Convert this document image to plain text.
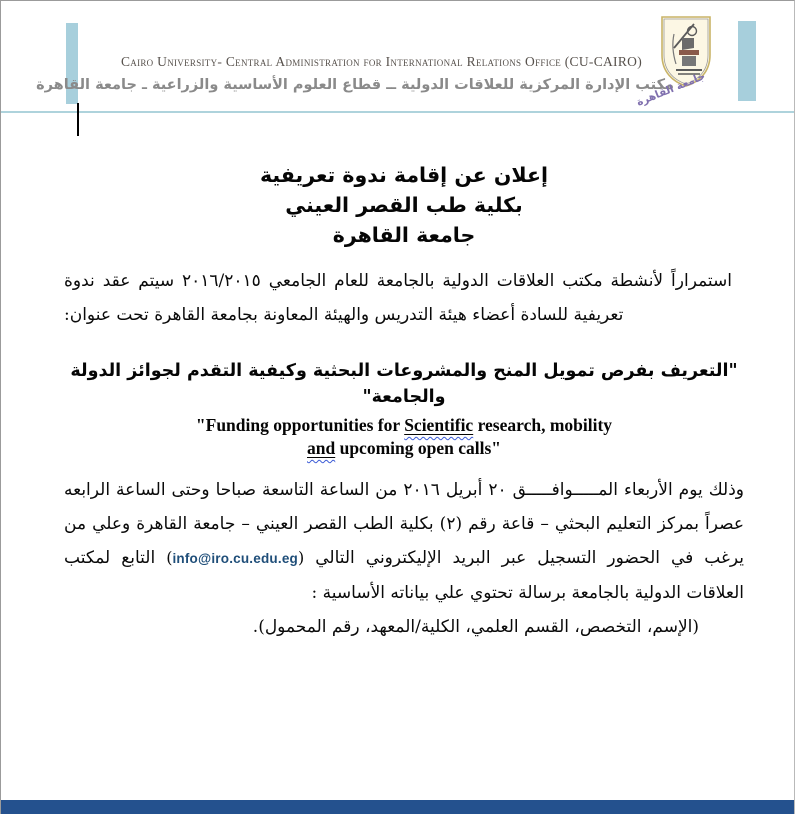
Cairo University- Central Administration for International Relations Office (CU-CAIRO)
مكتب الإدارة المركزية للعلاقات الدولية ــ قطاع العلوم الأساسية والزراعية ـ جامعة القاهرة
جامعة القاهرة
إعلان عن إقامة ندوة تعريفية
بكلية طب القصر العيني
جامعة القاهرة

استمراراً لأنشطة مكتب العلاقات الدولية بالجامعة للعام الجامعي ٢٠١٦/٢٠١٥ سيتم عقد ندوة تعريفية للسادة أعضاء هيئة التدريس والهيئة المعاونة بجامعة القاهرة تحت عنوان:

"التعريف بفرص تمويل المنح والمشروعات البحثية وكيفية التقدم لجوائز الدولة والجامعة"
"Funding opportunities for Scientific research, mobility
and upcoming open calls"

وذلك يوم الأربعاء المـــــوافـــــق ٢٠ أبريل ٢٠١٦ من الساعة التاسعة صباحا وحتى الساعة الرابعه عصراً بمركز التعليم البحثي – قاعة رقم (٢) بكلية الطب القصر العيني – جامعة القاهرة وعلي من يرغب في الحضور التسجيل عبر البريد الإليكتروني التالي (info@iro.cu.edu.eg) التابع لمكتب العلاقات الدولية بالجامعة برسالة تحتوي علي بياناته الأساسية :

(الإسم، التخصص، القسم العلمي، الكلية/المعهد، رقم المحمول).
